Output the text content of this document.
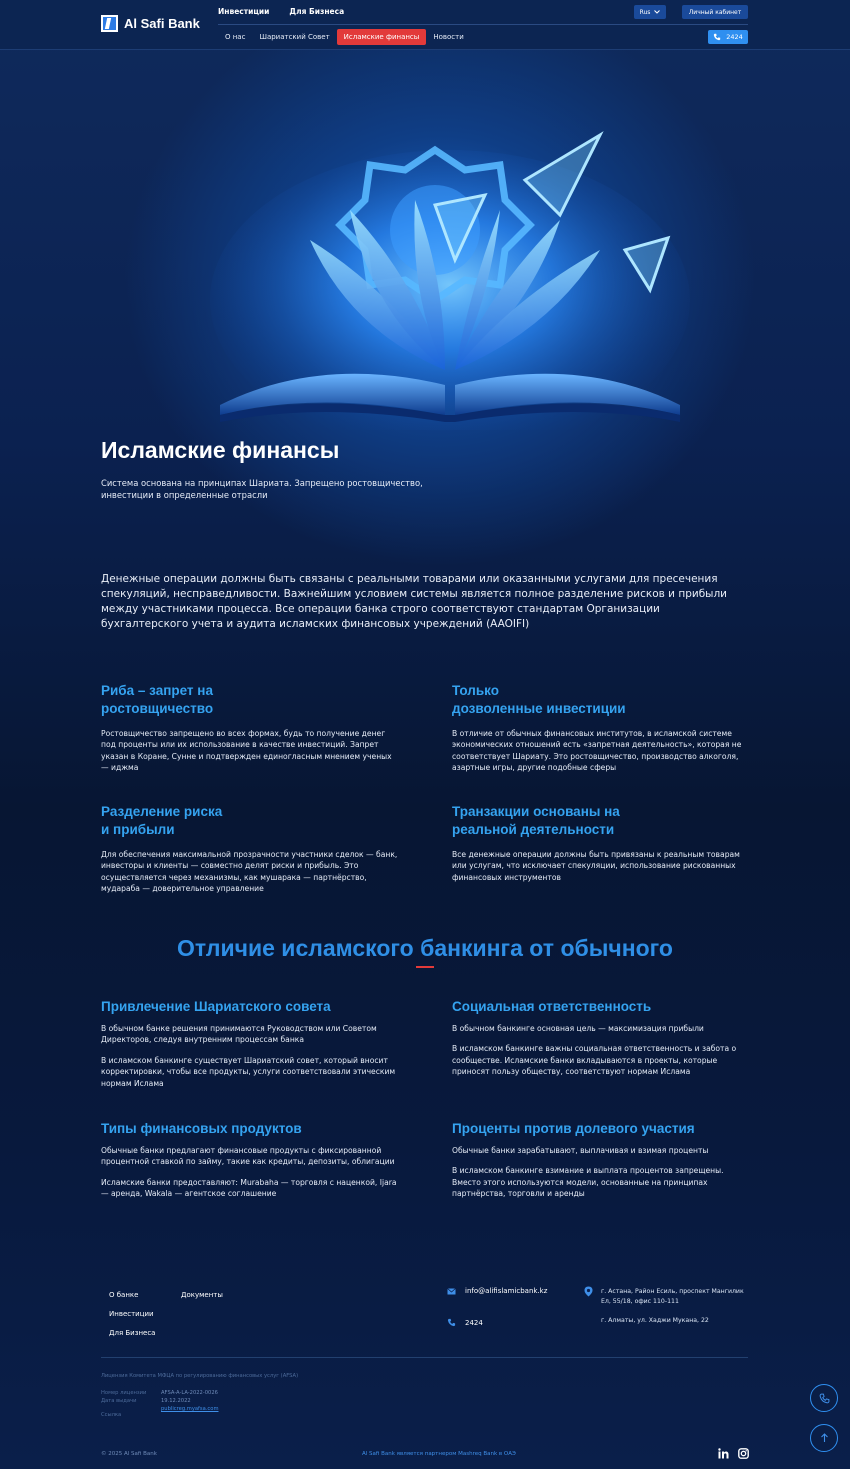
Al Safi Bank
Инвестиции	Для Бизнеса	Rus	Личный кабинет
О нас	Шариатский Совет	Исламские финансы	Новости	2424
Исламские финансы

Система основана на принципах Шариата. Запрещено ростовщичество, инвестиции в определенные отрасли

Денежные операции должны быть связаны с реальными товарами или оказанными услугами для пресечения спекуляций, несправедливости. Важнейшим условием системы является полное разделение рисков и прибыли между участниками процесса. Все операции банка строго соответствуют стандартам Организации бухгалтерского учета и аудита исламских финансовых учреждений (AAOIFI)

Риба – запрет на
ростовщичество

Ростовщичество запрещено во всех формах, будь то получение денег под проценты или их использование в качестве инвестиций. Запрет указан в Коране, Сунне и подтвержден единогласным мнением ученых — иджма

Только
дозволенные инвестиции

В отличие от обычных финансовых институтов, в исламской системе экономических отношений есть «запретная деятельность», которая не соответствует Шариату. Это ростовщичество, производство алкоголя, азартные игры, другие подобные сферы

Разделение риска
и прибыли

Для обеспечения максимальной прозрачности участники сделок — банк, инвесторы и клиенты — совместно делят риски и прибыль. Это осуществляется через механизмы, как мушарака — партнёрство, мудараба — доверительное управление

Транзакции основаны на
реальной деятельности

Все денежные операции должны быть привязаны к реальным товарам или услугам, что исключает спекуляции, использование рискованных финансовых инструментов

Отличие исламского банкинга от обычного
Привлечение Шариатского совета

В обычном банке решения принимаются Руководством или Советом Директоров, следуя внутренним процессам банка

В исламском банкинге существует Шариатский совет, который вносит корректировки, чтобы все продукты, услуги соответствовали этическим нормам Ислама

Социальная ответственность

В обычном банкинге основная цель — максимизация прибыли

В исламском банкинге важны социальная ответственность и забота о сообществе. Исламские банки вкладываются в проекты, которые приносят пользу обществу, соответствуют нормам Ислама

Типы финансовых продуктов

Обычные банки предлагают финансовые продукты с фиксированной процентной ставкой по займу, такие как кредиты, депозиты, облигации

Исламские банки предоставляют: Murabaha — торговля с наценкой, Ijara — аренда, Wakala — агентское соглашение

Проценты против долевого участия

Обычные банки зарабатывают, выплачивая и взимая проценты

В исламском банкинге взимание и выплата процентов запрещены. Вместо этого используются модели, основанные на принципах партнёрства, торговли и аренды

О банке
Инвестиции
Для Бизнеса
Документы	info@alifislamicbank.kz
2424

г. Астана, Район Есиль, проспект Мангилик Ел, 55/18, офис 110-111

г. Алматы, ул. Хаджи Мукана, 22

Лицензия Комитета МФЦА по регулированию финансовых услуг (AFSA)
Номер лицензии	AFSA-A-LA-2022-0026
Дата выдачи	19.12.2022
Ссылка
publicreg.myafsa.com
© 2025 Al Safi Bank	Al Safi Bank является партнером Mashreq Bank в ОАЭ
